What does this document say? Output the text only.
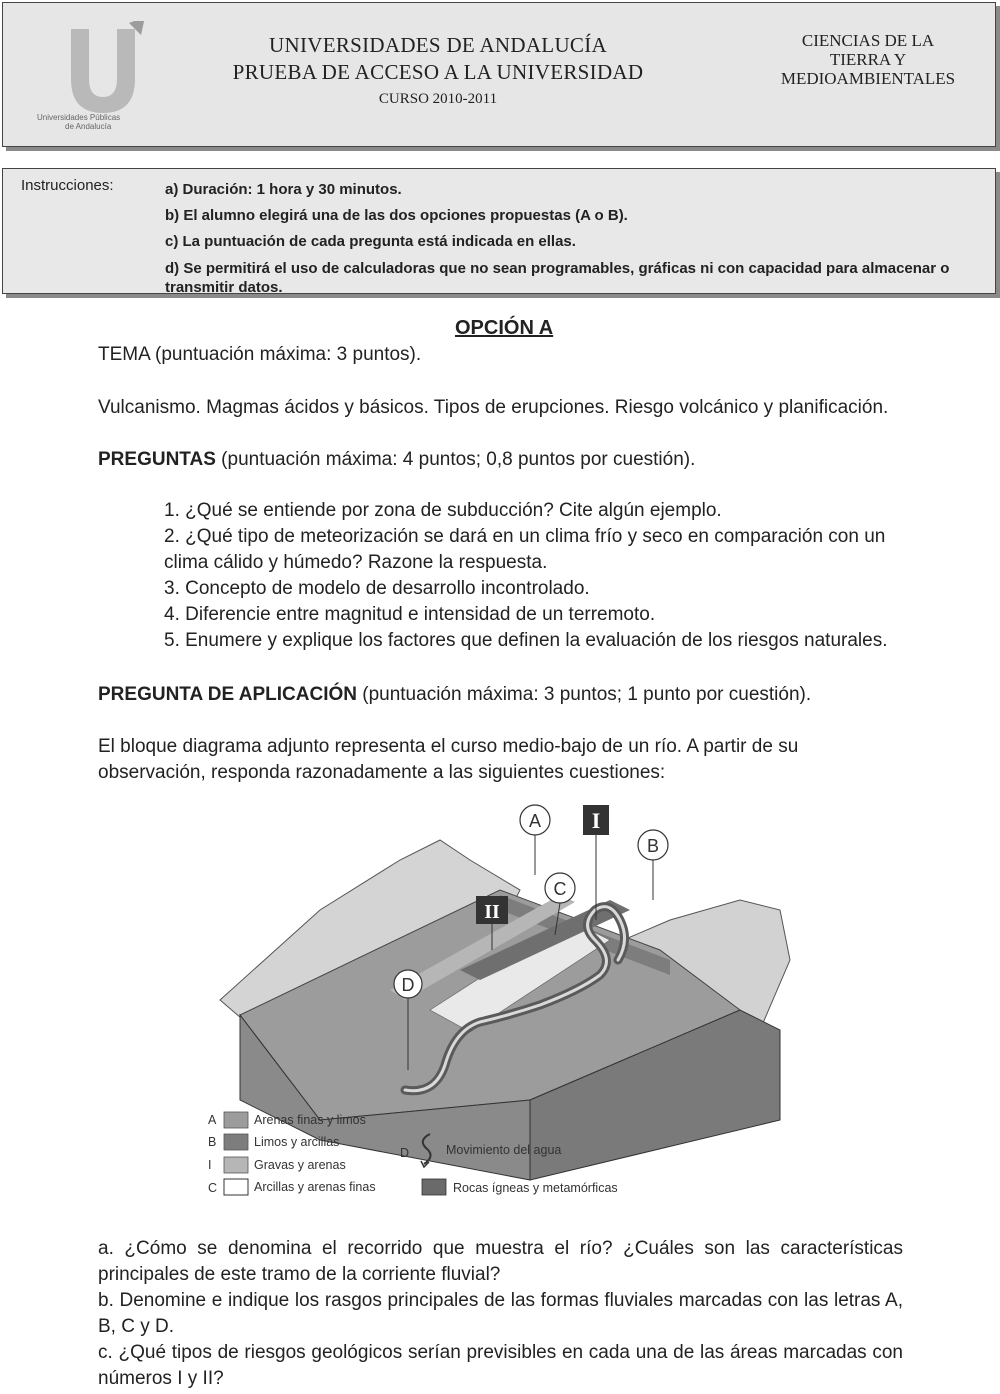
Universidades Públicas
de Andalucía
UNIVERSIDADES DE ANDALUCÍA
PRUEBA DE ACCESO A LA UNIVERSIDAD
CURSO 2010-2011
CIENCIAS DE LA
TIERRA Y
MEDIOAMBIENTALES
Instrucciones:	a) Duración: 1 hora y 30 minutos.
b) El alumno elegirá una de las dos opciones propuestas (A o B).
c) La puntuación de cada pregunta está indicada en ellas.
d) Se permitirá el uso de calculadoras que no sean programables, gráficas ni con capacidad para almacenar o transmitir datos.
OPCIÓN A
TEMA (puntuación máxima: 3 puntos).
Vulcanismo. Magmas ácidos y básicos. Tipos de erupciones. Riesgo volcánico y planificación.
PREGUNTAS (puntuación máxima: 4 puntos; 0,8 puntos por cuestión).
1. ¿Qué se entiende por zona de subducción? Cite algún ejemplo.
2. ¿Qué tipo de meteorización se dará en un clima frío y seco en comparación con un clima cálido y húmedo? Razone la respuesta.
3. Concepto de modelo de desarrollo incontrolado.
4. Diferencie entre magnitud e intensidad de un terremoto.
5. Enumere y explique los factores que definen la evaluación de los riesgos naturales.
PREGUNTA DE APLICACIÓN (puntuación máxima: 3 puntos; 1 punto por cuestión).
El bloque diagrama adjunto representa el curso medio-bajo de un río. A partir de su observación, responda razonadamente a las siguientes cuestiones:
A I
B
C
II
D
A	Arenas finas y limos
B	Limos y arcillas
I	Gravas y arenas
C	Arcillas y arenas finas
D	Movimiento del agua
Rocas ígneas y metamórficas
a. ¿Cómo se denomina el recorrido que muestra el río? ¿Cuáles son las características principales de este tramo de la corriente fluvial?
b. Denomine e indique los rasgos principales de las formas fluviales marcadas con las letras A, B, C y D.
c. ¿Qué tipos de riesgos geológicos serían previsibles en cada una de las áreas marcadas con números I y II?
